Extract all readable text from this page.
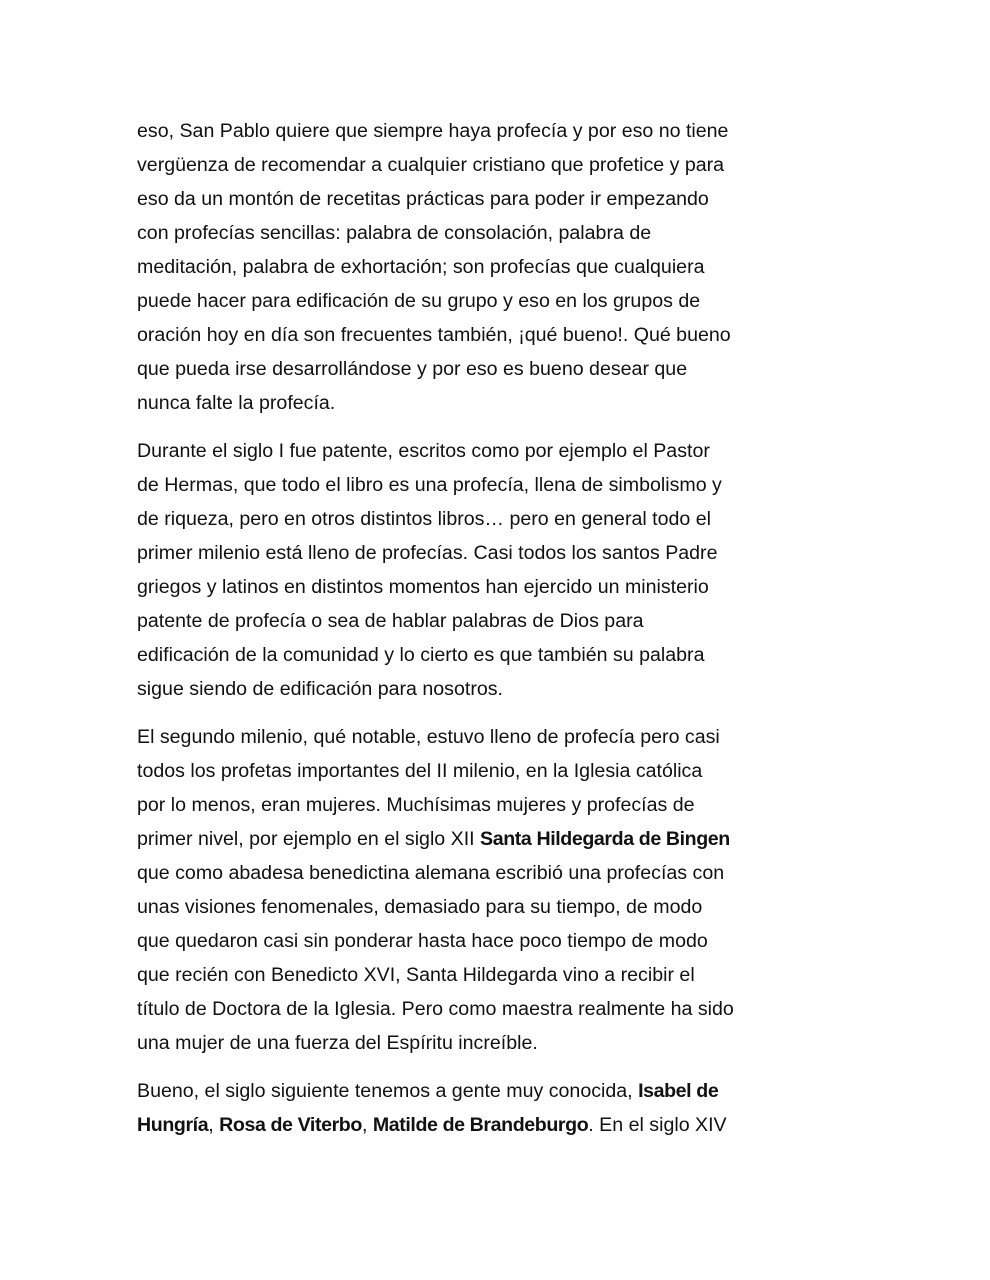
eso, San Pablo quiere que siempre haya profecía y por eso no tiene
vergüenza de recomendar a cualquier cristiano que profetice y para
eso da un montón de recetitas prácticas para poder ir empezando
con profecías sencillas: palabra de consolación, palabra de
meditación, palabra de exhortación; son profecías que cualquiera
puede hacer para edificación de su grupo y eso en los grupos de
oración hoy en día son frecuentes también, ¡qué bueno!. Qué bueno
que pueda irse desarrollándose y por eso es bueno desear que
nunca falte la profecía.

Durante el siglo I fue patente, escritos como por ejemplo el Pastor
de Hermas, que todo el libro es una profecía, llena de simbolismo y
de riqueza, pero en otros distintos libros… pero en general todo el
primer milenio está lleno de profecías. Casi todos los santos Padre
griegos y latinos en distintos momentos han ejercido un ministerio
patente de profecía o sea de hablar palabras de Dios para
edificación de la comunidad y lo cierto es que también su palabra
sigue siendo de edificación para nosotros.

El segundo milenio, qué notable, estuvo lleno de profecía pero casi
todos los profetas importantes del II milenio, en la Iglesia católica
por lo menos, eran mujeres. Muchísimas mujeres y profecías de
primer nivel, por ejemplo en el siglo XII Santa Hildegarda de Bingen
que como abadesa benedictina alemana escribió una profecías con
unas visiones fenomenales, demasiado para su tiempo, de modo
que quedaron casi sin ponderar hasta hace poco tiempo de modo
que recién con Benedicto XVI, Santa Hildegarda vino a recibir el
título de Doctora de la Iglesia. Pero como maestra realmente ha sido
una mujer de una fuerza del Espíritu increíble.

Bueno, el siglo siguiente tenemos a gente muy conocida, Isabel de
Hungría, Rosa de Viterbo, Matilde de Brandeburgo. En el siglo XIV
